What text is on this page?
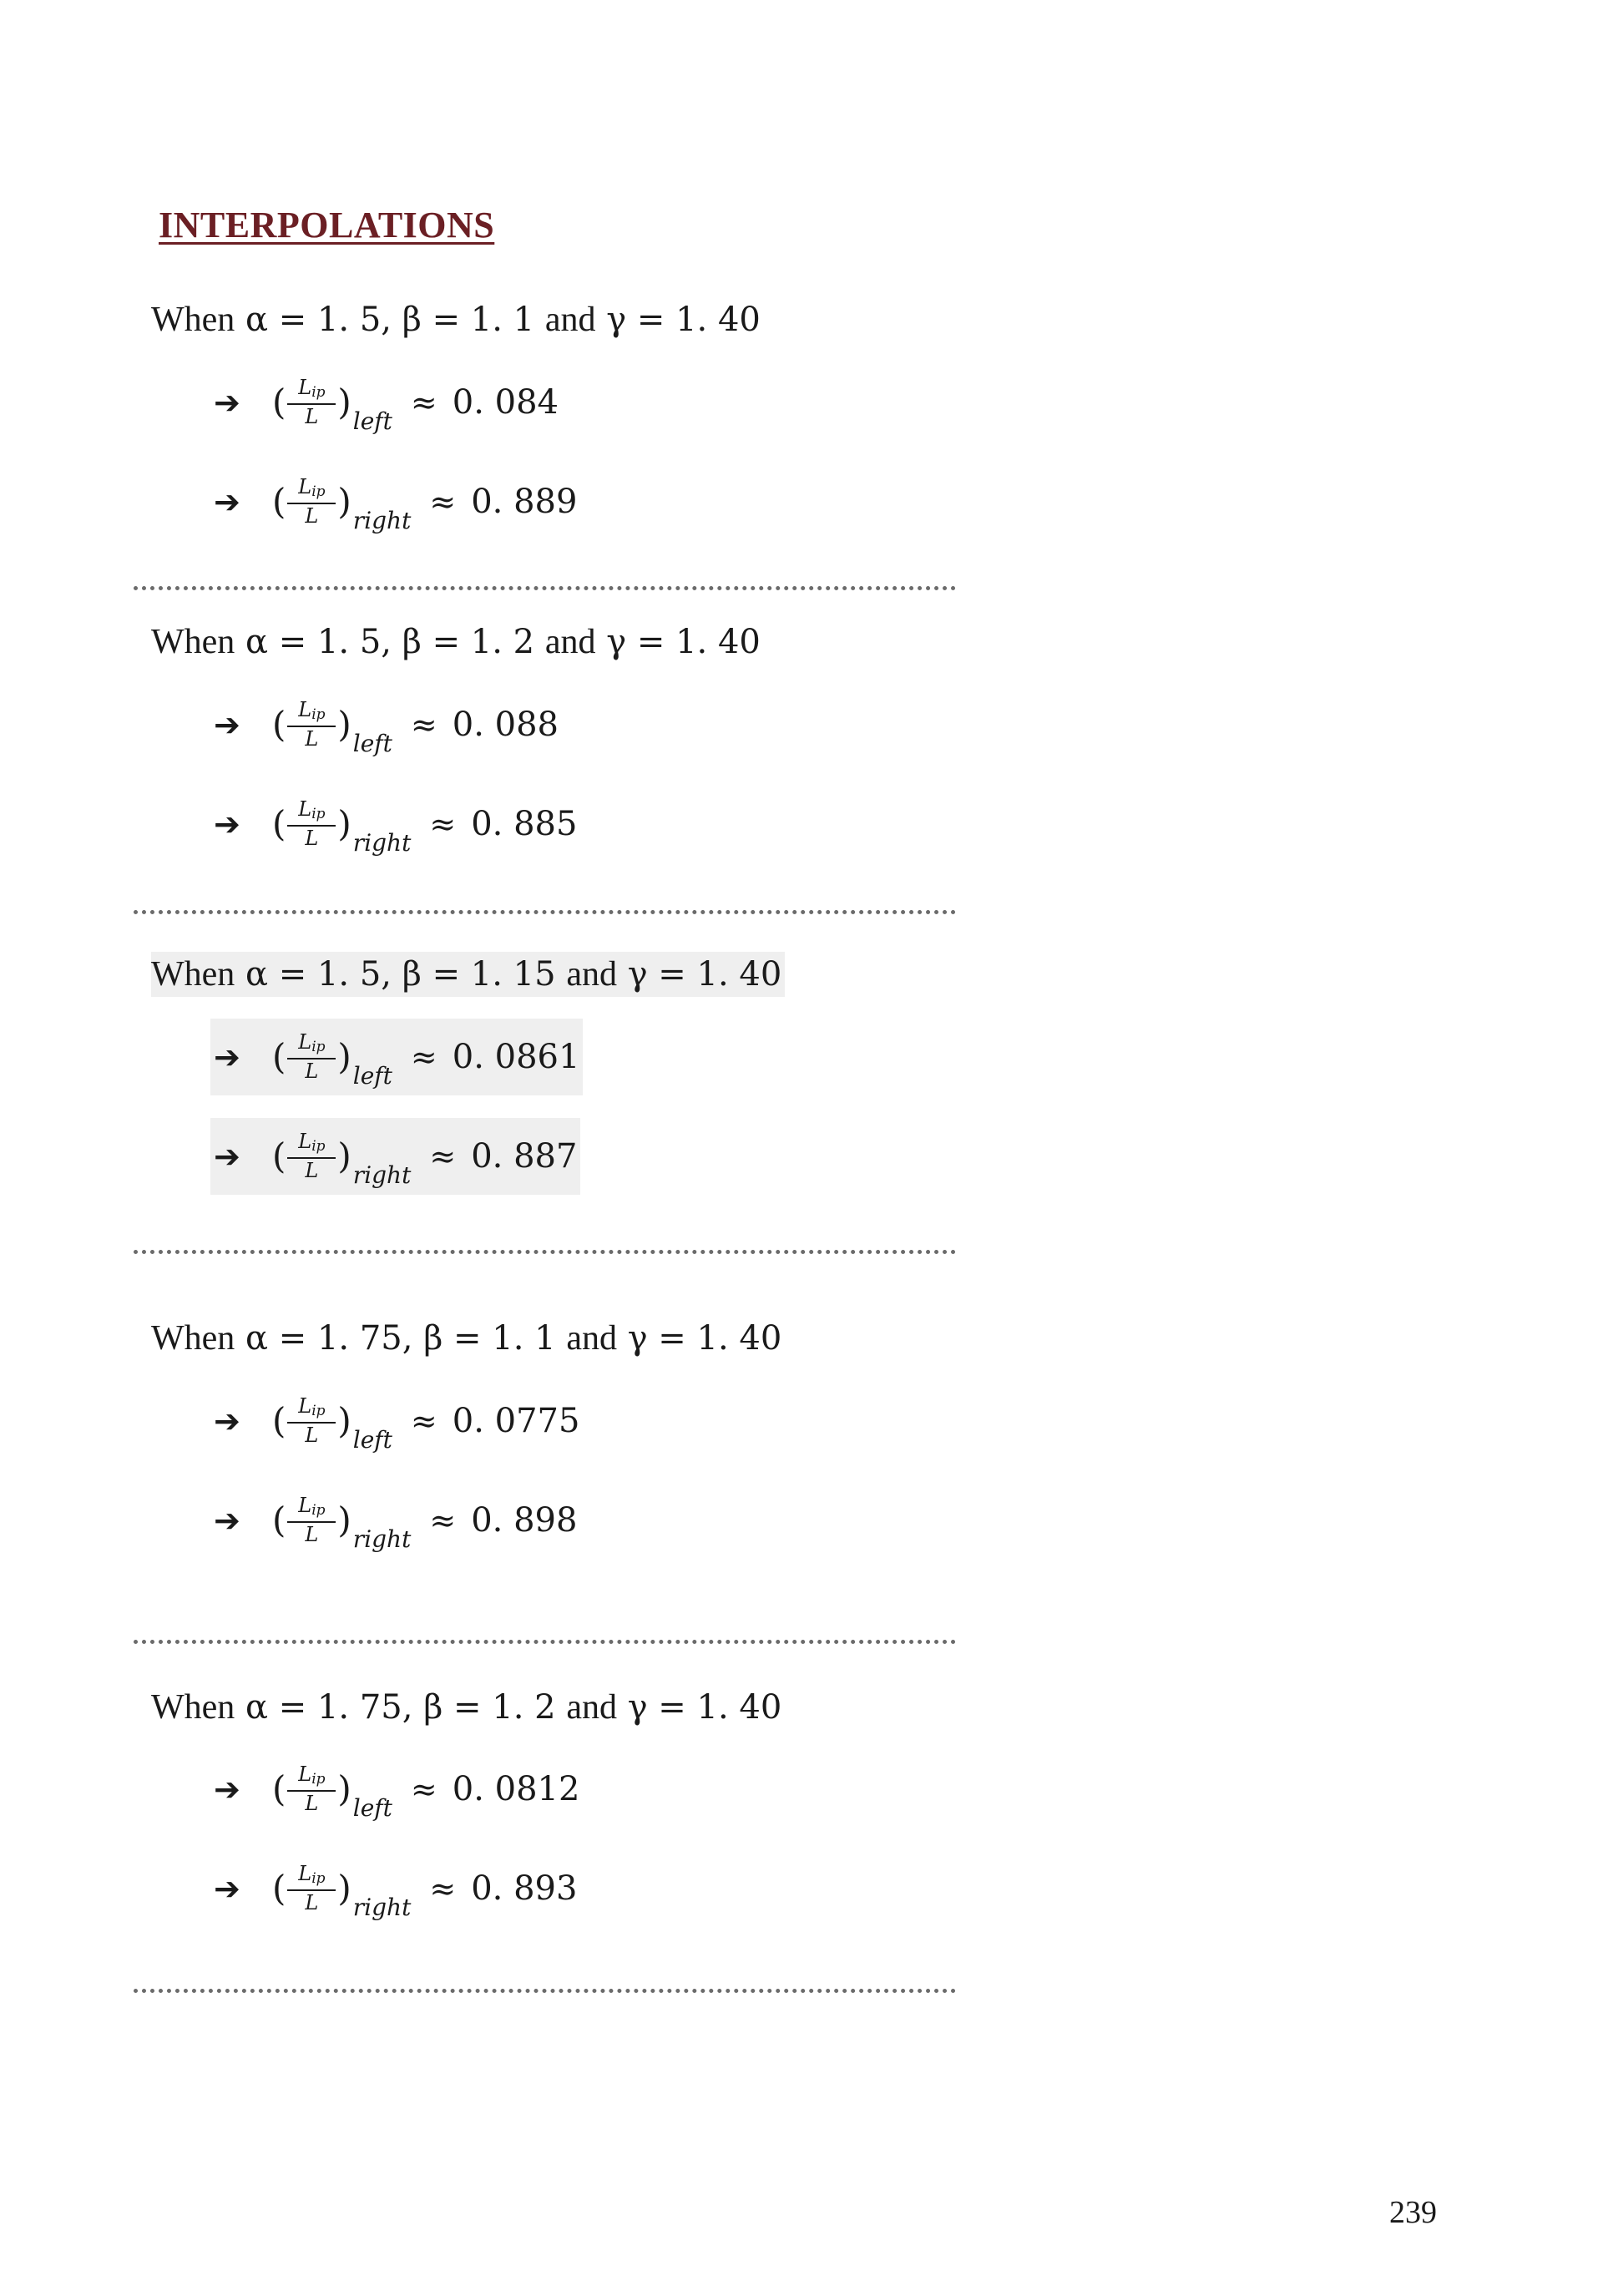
INTERPOLATIONS
When α = 1. 5, β = 1. 1 and γ = 1. 40
➔ ( $\frac{L_{ip}}{L}$ ) left ≈ 0. 084
➔ ( $\frac{L_{ip}}{L}$ ) right ≈ 0. 889
When α = 1. 5, β = 1. 2 and γ = 1. 40
➔ ( $\frac{L_{ip}}{L}$ ) left ≈ 0. 088
➔ ( $\frac{L_{ip}}{L}$ ) right ≈ 0. 885
When α = 1. 5, β = 1. 15 and γ = 1. 40
➔ ( $\frac{L_{ip}}{L}$ ) left ≈ 0. 0861
➔ ( $\frac{L_{ip}}{L}$ ) right ≈ 0. 887
When α = 1. 75, β = 1. 1 and γ = 1. 40
➔ ( $\frac{L_{ip}}{L}$ ) left ≈ 0. 0775
➔ ( $\frac{L_{ip}}{L}$ ) right ≈ 0. 898
When α = 1. 75, β = 1. 2 and γ = 1. 40
➔ ( $\frac{L_{ip}}{L}$ ) left ≈ 0. 0812
➔ ( $\frac{L_{ip}}{L}$ ) right ≈ 0. 893
239
